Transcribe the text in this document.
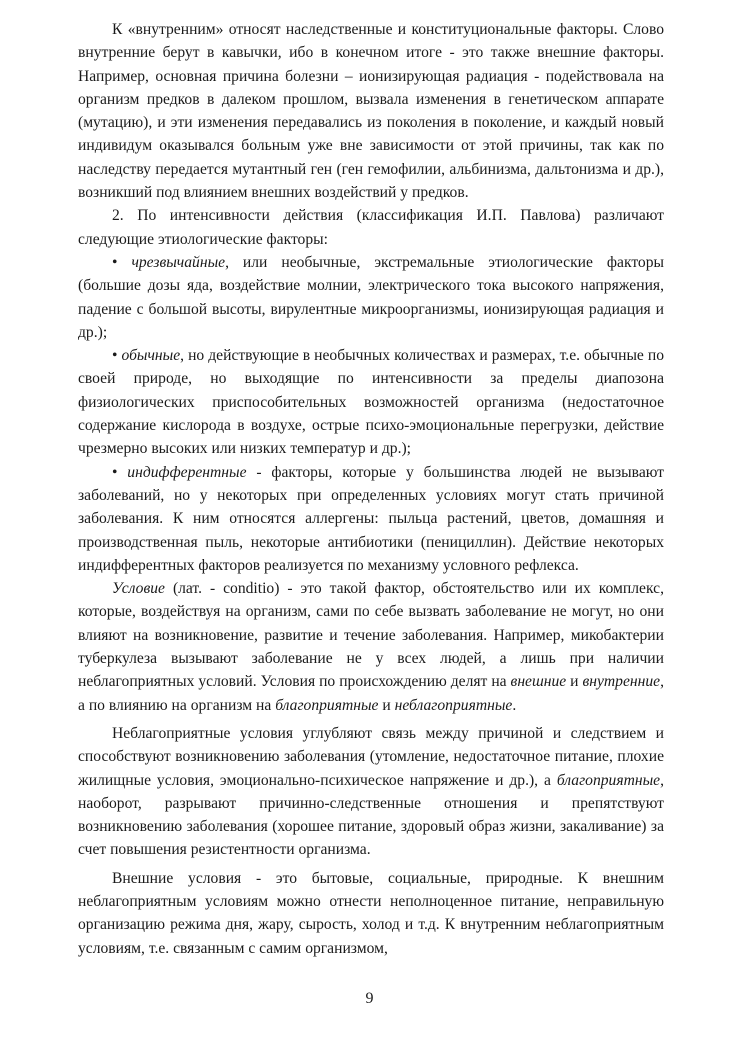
К «внутренним» относят наследственные и конституциональные факторы. Слово внутренние берут в кавычки, ибо в конечном итоге - это также внешние факторы. Например, основная причина болезни – ионизирующая радиация - подействовала на организм предков в далеком прошлом, вызвала изменения в генетическом аппарате (мутацию), и эти изменения передавались из поколения в поколение, и каждый новый индивидум оказывался больным уже вне зависимости от этой причины, так как по наследству передается мутантный ген (ген гемофилии, альбинизма, дальтонизма и др.), возникший под влиянием внешних воздействий у предков.

2. По интенсивности действия (классификация И.П. Павлова) различают следующие этиологические факторы:

• чрезвычайные, или необычные, экстремальные этиологические факторы (большие дозы яда, воздействие молнии, электрического тока высокого напряжения, падение с большой высоты, вирулентные микроорганизмы, ионизирующая радиация и др.);

• обычные, но действующие в необычных количествах и размерах, т.е. обычные по своей природе, но выходящие по интенсивности за пределы диапозона физиологических приспособительных возможностей организма (недостаточное содержание кислорода в воздухе, острые психо-эмоциональные перегрузки, действие чрезмерно высоких или низких температур и др.);

• индифферентные - факторы, которые у большинства людей не вызывают заболеваний, но у некоторых при определенных условиях могут стать причиной заболевания. К ним относятся аллергены: пыльца растений, цветов, домашняя и производственная пыль, некоторые антибиотики (пенициллин). Действие некоторых индифферентных факторов реализуется по механизму условного рефлекса.

Условие (лат. - conditio) - это такой фактор, обстоятельство или их комплекс, которые, воздействуя на организм, сами по себе вызвать заболевание не могут, но они влияют на возникновение, развитие и течение заболевания. Например, микобактерии туберкулеза вызывают заболевание не у всех людей, а лишь при наличии неблагоприятных условий. Условия по происхождению делят на внешние и внутренние, а по влиянию на организм на благоприятные и неблагоприятные.

Неблагоприятные условия углубляют связь между причиной и следствием и способствуют возникновению заболевания (утомление, недостаточное питание, плохие жилищные условия, эмоционально-психическое напряжение и др.), а благоприятные, наоборот, разрывают причинно-следственные отношения и препятствуют возникновению заболевания (хорошее питание, здоровый образ жизни, закаливание) за счет повышения резистентности организма.

Внешние условия - это бытовые, социальные, природные. К внешним неблагоприятным условиям можно отнести неполноценное питание, неправильную организацию режима дня, жару, сырость, холод и т.д. К внутренним неблагоприятным условиям, т.е. связанным с самим организмом,

9
